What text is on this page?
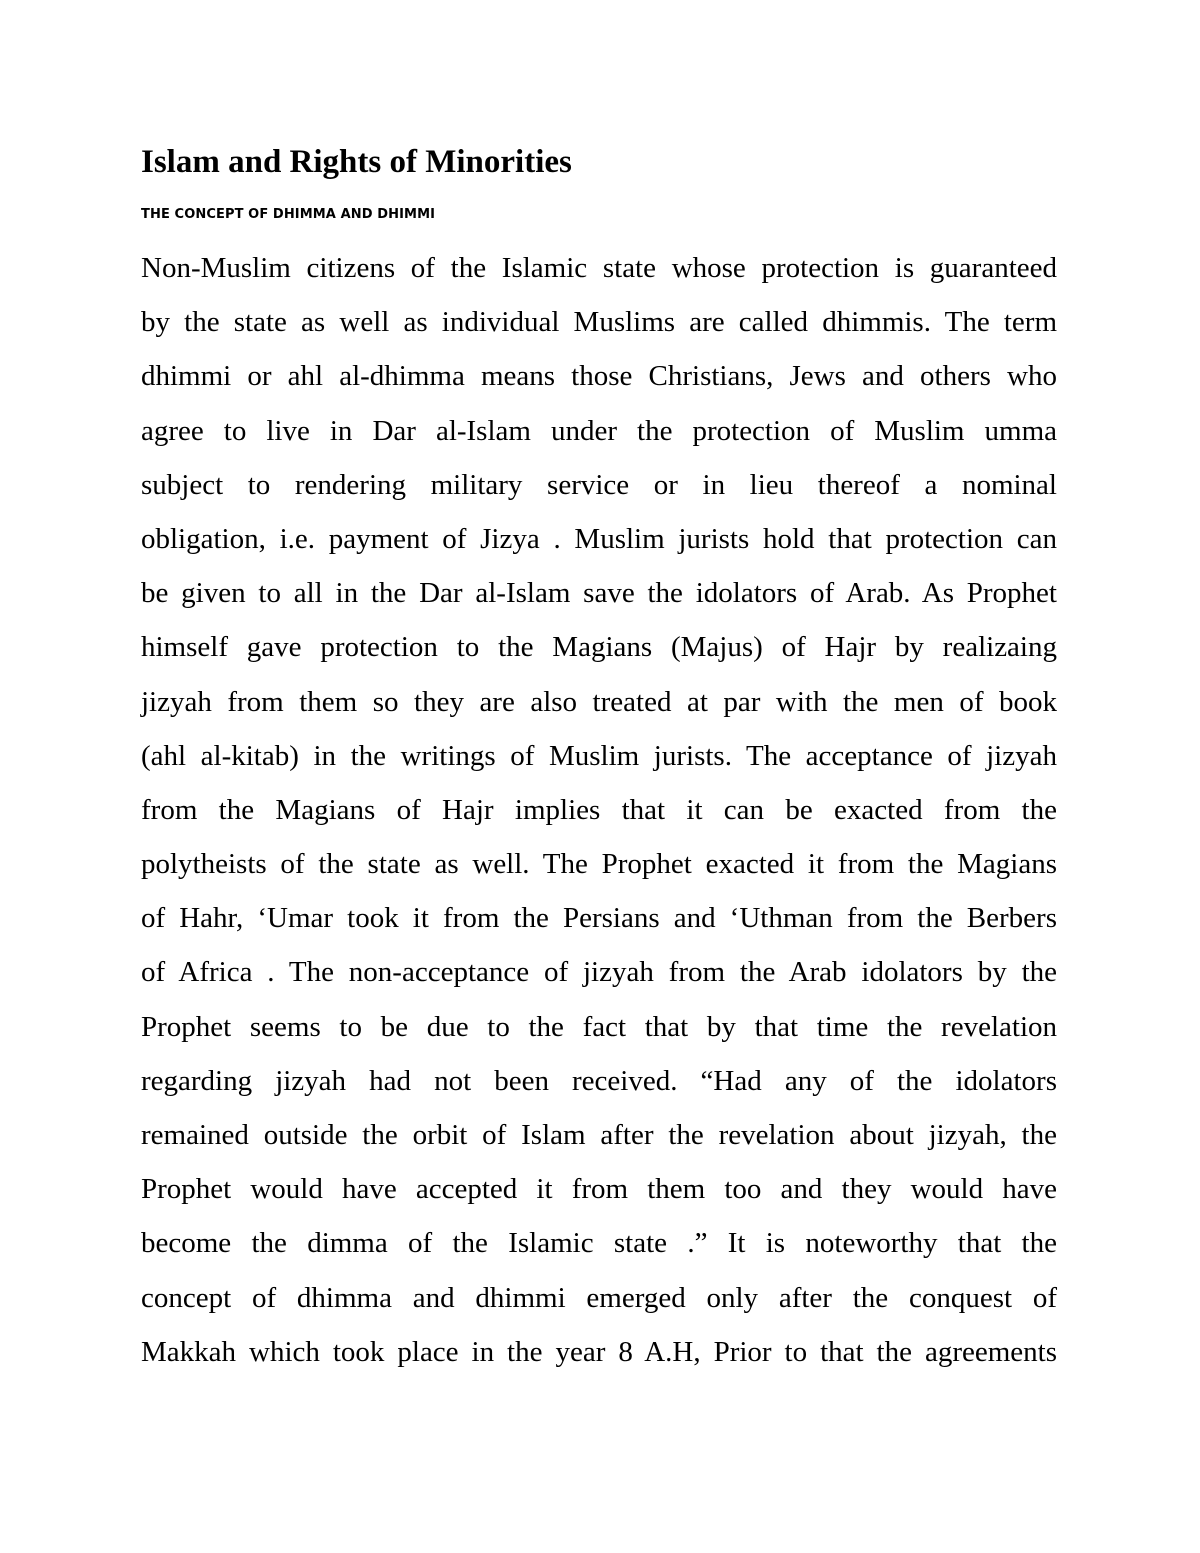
Islam and Rights of Minorities
THE CONCEPT OF DHIMMA AND DHIMMI
Non-Muslim citizens of the Islamic state whose protection is guaranteed
by the state as well as individual Muslims are called dhimmis. The term
dhimmi or ahl al-dhimma means those Christians, Jews and others who
agree to live in Dar al-Islam under the protection of Muslim umma
subject to rendering military service or in lieu thereof a nominal
obligation, i.e. payment of Jizya . Muslim jurists hold that protection can
be given to all in the Dar al-Islam save the idolators of Arab. As Prophet
himself gave protection to the Magians (Majus) of Hajr by realizaing
jizyah from them so they are also treated at par with the men of book
(ahl al-kitab) in the writings of Muslim jurists. The acceptance of jizyah
from the Magians of Hajr implies that it can be exacted from the
polytheists of the state as well. The Prophet exacted it from the Magians
of Hahr, ‘Umar took it from the Persians and ‘Uthman from the Berbers
of Africa . The non-acceptance of jizyah from the Arab idolators by the
Prophet seems to be due to the fact that by that time the revelation
regarding jizyah had not been received. “Had any of the idolators
remained outside the orbit of Islam after the revelation about jizyah, the
Prophet would have accepted it from them too and they would have
become the dimma of the Islamic state .” It is noteworthy that the
concept of dhimma and dhimmi emerged only after the conquest of
Makkah which took place in the year 8 A.H, Prior to that the agreements
